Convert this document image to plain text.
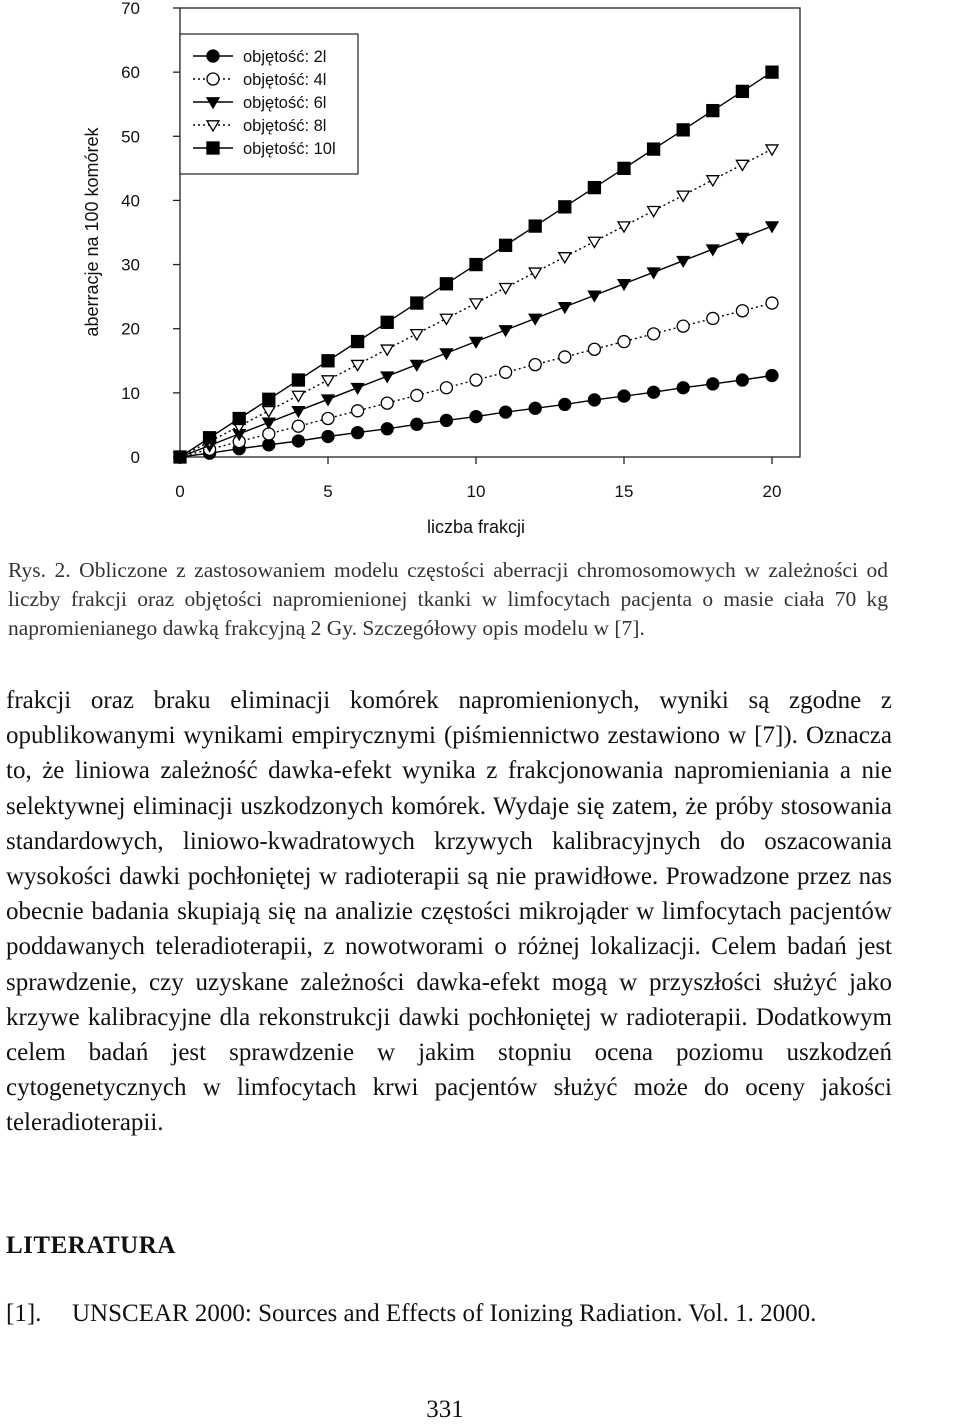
0
10
20
30
40
50
60
70
0	5	10	15	20
liczba frakcji
aberracje na 100 komórek
objętość: 2l
objętość: 4l
objętość: 6l
objętość: 8l
objętość: 10l
Rys. 2. Obliczone z zastosowaniem modelu częstości aberracji chromosomowych w zależności od liczby frakcji oraz objętości napromienionej tkanki w limfocytach pacjenta o masie ciała 70 kg napromienianego dawką frakcyjną 2 Gy. Szczegółowy opis modelu w [7].
frakcji oraz braku eliminacji komórek napromienionych, wyniki są zgodne z opublikowanymi wynikami empirycznymi (piśmiennictwo zestawiono w [7]). Oznacza to, że liniowa zależność dawka-efekt wynika z frakcjonowania napromieniania a nie selektywnej eliminacji uszkodzonych komórek. Wydaje się zatem, że próby stosowania standardowych, liniowo-kwadratowych krzywych kalibracyjnych do oszacowania wysokości dawki pochłoniętej w radioterapii są nie prawidłowe. Prowadzone przez nas obecnie badania skupiają się na analizie częstości mikrojąder w limfocytach pacjentów poddawanych teleradioterapii, z nowotworami o różnej lokalizacji. Celem badań jest sprawdzenie, czy uzyskane zależności dawka-efekt mogą w przyszłości służyć jako krzywe kalibracyjne dla rekonstrukcji dawki pochłoniętej w radioterapii. Dodatkowym celem badań jest sprawdzenie w jakim stopniu ocena poziomu uszkodzeń cytogenetycznych w limfocytach krwi pacjentów służyć może do oceny jakości teleradioterapii.
LITERATURA
[1]. UNSCEAR 2000: Sources and Effects of Ionizing Radiation. Vol. 1. 2000.
331
